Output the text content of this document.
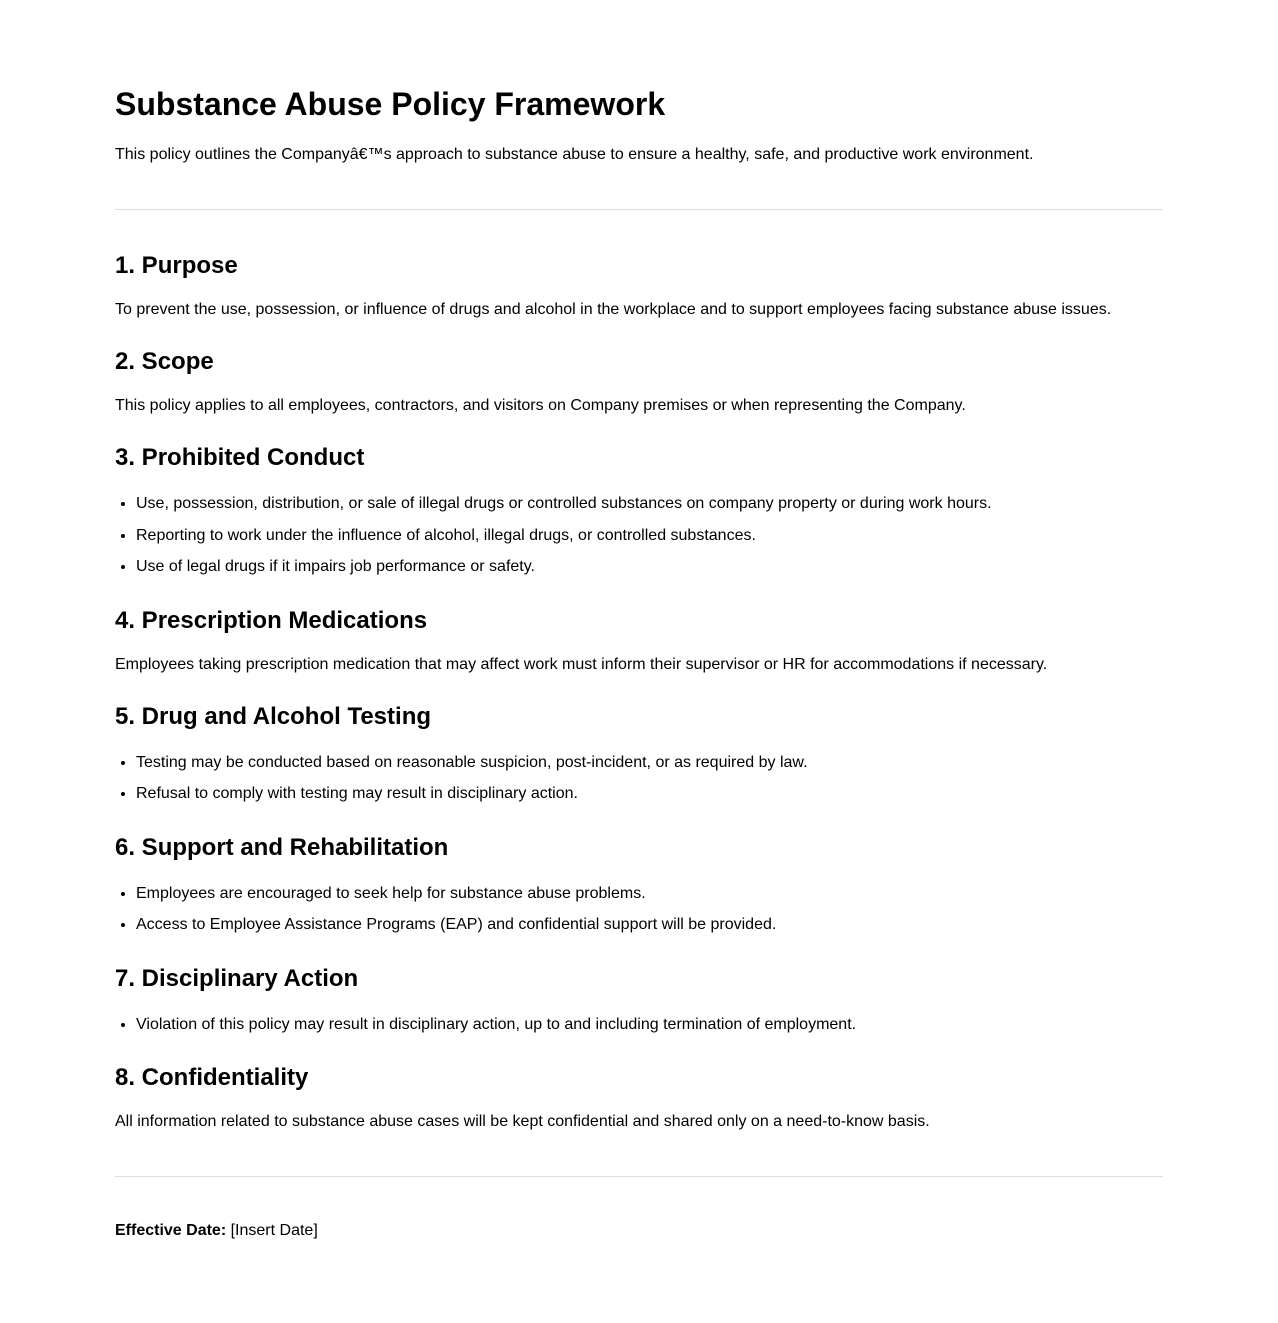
Substance Abuse Policy Framework

This policy outlines the Companyâ€™s approach to substance abuse to ensure a healthy, safe, and productive work environment.

1. Purpose

To prevent the use, possession, or influence of drugs and alcohol in the workplace and to support employees facing substance abuse issues.

2. Scope

This policy applies to all employees, contractors, and visitors on Company premises or when representing the Company.

3. Prohibited Conduct
• Use, possession, distribution, or sale of illegal drugs or controlled substances on company property or during work hours.
• Reporting to work under the influence of alcohol, illegal drugs, or controlled substances.
• Use of legal drugs if it impairs job performance or safety.
4. Prescription Medications

Employees taking prescription medication that may affect work must inform their supervisor or HR for accommodations if necessary.

5. Drug and Alcohol Testing
• Testing may be conducted based on reasonable suspicion, post-incident, or as required by law.
• Refusal to comply with testing may result in disciplinary action.
6. Support and Rehabilitation
• Employees are encouraged to seek help for substance abuse problems.
• Access to Employee Assistance Programs (EAP) and confidential support will be provided.
7. Disciplinary Action
• Violation of this policy may result in disciplinary action, up to and including termination of employment.
8. Confidentiality

All information related to substance abuse cases will be kept confidential and shared only on a need-to-know basis.

Effective Date: [Insert Date]
